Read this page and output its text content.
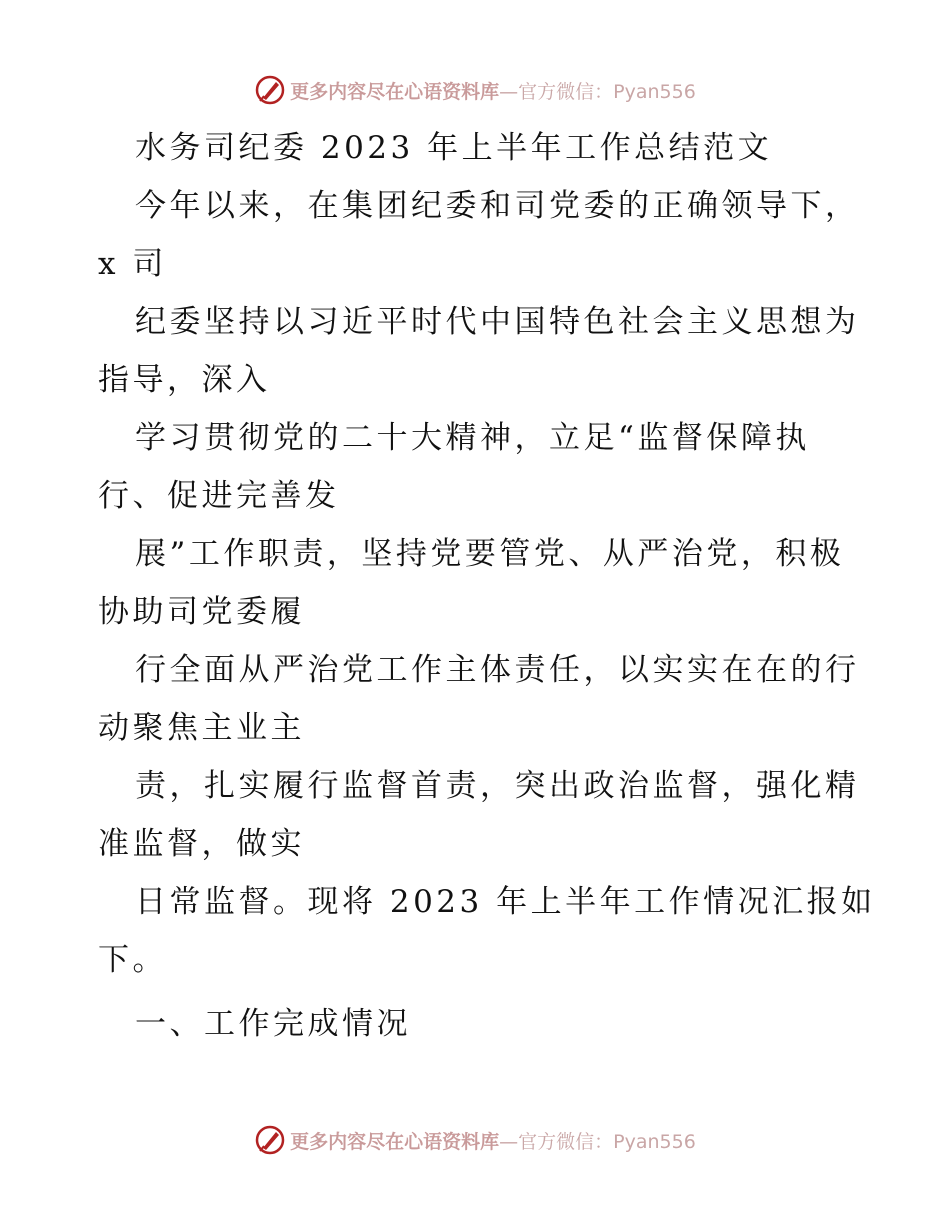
更多内容尽在心语资料库—官方微信：Pyan556
水务司纪委 2023 年上半年工作总结范文
今年以来，在集团纪委和司党委的正确领导下，
x 司
纪委坚持以习近平时代中国特色社会主义思想为
指导，深入
学习贯彻党的二十大精神，立足“监督保障执
行、促进完善发
展”工作职责，坚持党要管党、从严治党，积极
协助司党委履
行全面从严治党工作主体责任，以实实在在的行
动聚焦主业主
责，扎实履行监督首责，突出政治监督，强化精
准监督，做实
日常监督。现将 2023 年上半年工作情况汇报如
下。
一、工作完成情况
更多内容尽在心语资料库—官方微信：Pyan556
